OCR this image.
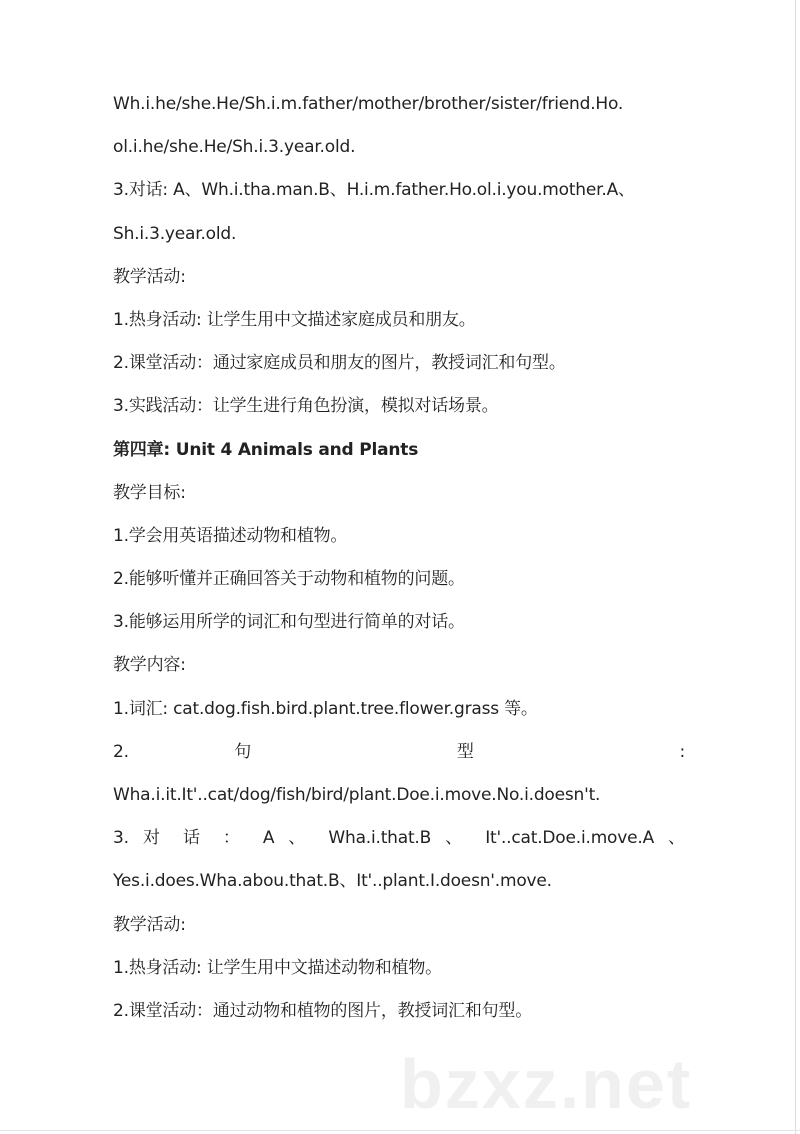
Wh.i.he/she.He/Sh.i.m.father/mother/brother/sister/friend.Ho.
ol.i.he/she.He/Sh.i.3.year.old.
3.对话: A、Wh.i.tha.man.B、H.i.m.father.Ho.ol.i.you.mother.A、
Sh.i.3.year.old.
教学活动:
1.热身活动: 让学生用中文描述家庭成员和朋友。
2.课堂活动：通过家庭成员和朋友的图片，教授词汇和句型。
3.实践活动：让学生进行角色扮演，模拟对话场景。
第四章: Unit 4 Animals and Plants
教学目标:
1.学会用英语描述动物和植物。
2.能够听懂并正确回答关于动物和植物的问题。
3.能够运用所学的词汇和句型进行简单的对话。
教学内容:
1.词汇: cat.dog.fish.bird.plant.tree.flower.grass 等。
2. 句 型 :
Wha.i.it.It'..cat/dog/fish/bird/plant.Doe.i.move.No.i.doesn't.
3. 对 话 ： A 、 Wha.i.that.B 、 It'..cat.Doe.i.move.A 、
Yes.i.does.Wha.abou.that.B、It'..plant.I.doesn'.move.
教学活动:
1.热身活动: 让学生用中文描述动物和植物。
2.课堂活动：通过动物和植物的图片，教授词汇和句型。
bzxz.net
